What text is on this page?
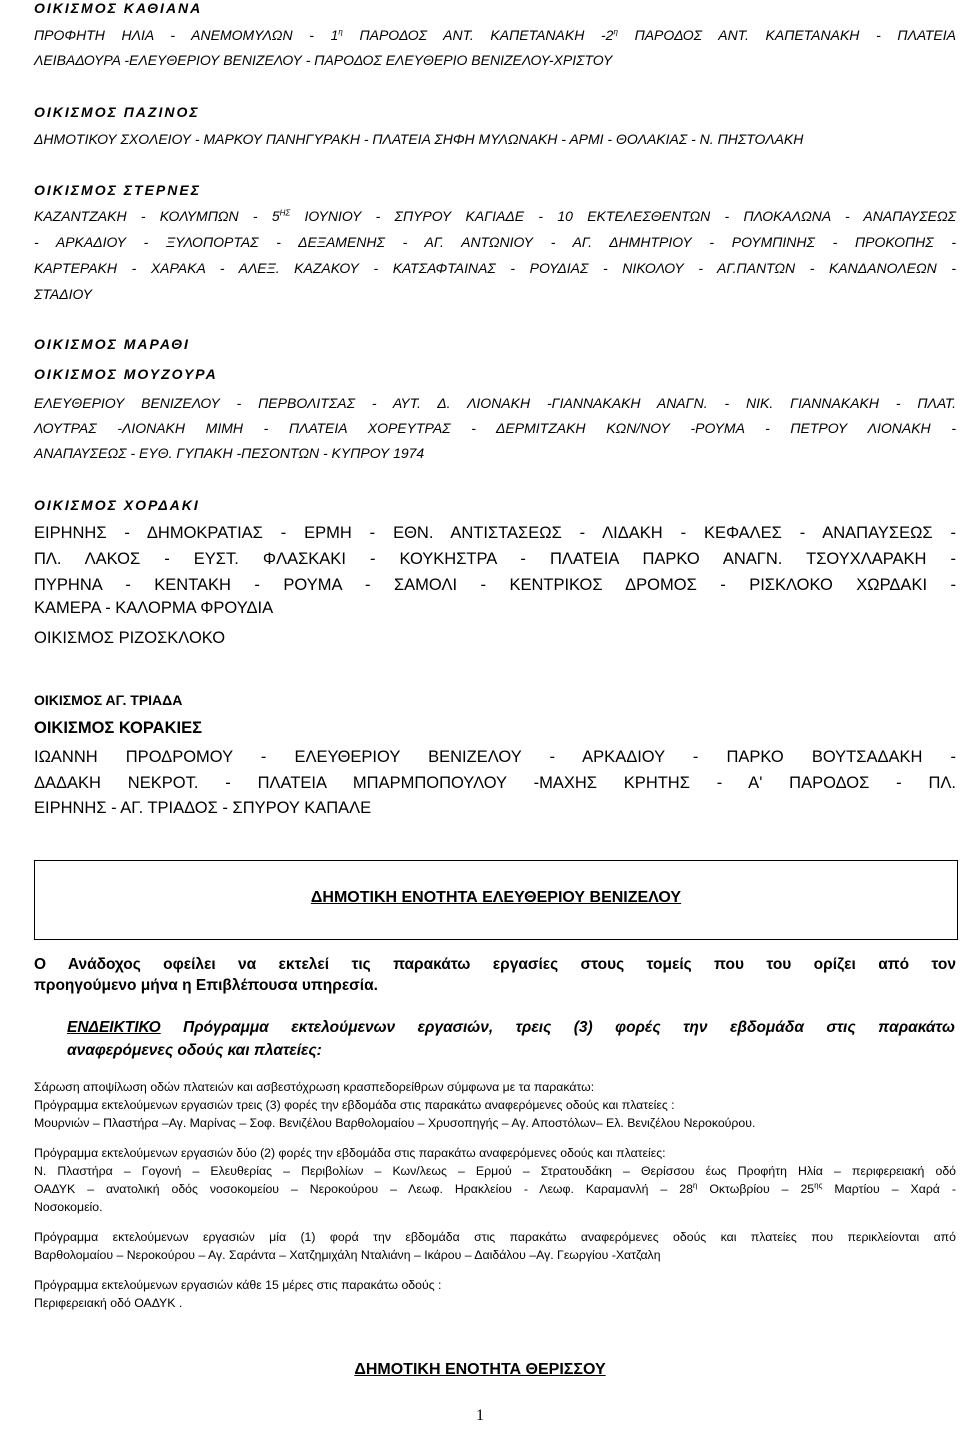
ΟΙΚΙΣΜΟΣ ΚΑΘΙΑΝΑ
ΠΡΟΦΗΤΗ ΗΛΙΑ - ΑΝΕΜΟΜΥΛΩΝ - $1^\eta$ ΠΑΡΟΔΟΣ ΑΝΤ. ΚΑΠΕΤΑΝΑΚΗ $-2^\eta$ ΠΑΡΟΔΟΣ ΑΝΤ. ΚΑΠΕΤΑΝΑΚΗ - ΠΛΑΤΕΙΑ
ΛΕΙΒΑΔΟΥΡΑ -ΕΛΕΥΘΕΡΙΟΥ ΒΕΝΙΖΕΛΟΥ - ΠΑΡΟΔΟΣ ΕΛΕΥΘΕΡΙΟ ΒΕΝΙΖΕΛΟΥ-ΧΡΙΣΤΟΥ
ΟΙΚΙΣΜΟΣ ΠΑΖΙΝΟΣ
ΔΗΜΟΤΙΚΟΥ ΣΧΟΛΕΙΟΥ - ΜΑΡΚΟΥ ΠΑΝΗΓΥΡΑΚΗ - ΠΛΑΤΕΙΑ ΣΗΦΗ ΜΥΛΩΝΑΚΗ - ΑΡΜΙ - ΘΟΛΑΚΙΑΣ - Ν. ΠΗΣΤΟΛΑΚΗ
ΟΙΚΙΣΜΟΣ ΣΤΕΡΝΕΣ
ΚΑΖΑΝΤΖΑΚΗ - ΚΟΛΥΜΠΩΝ - $5^{H\Sigma}$ ΙΟΥΝΙΟΥ - ΣΠΥΡΟΥ ΚΑΓΙΑΔΕ - 10 ΕΚΤΕΛΕΣΘΕΝΤΩΝ - ΠΛΟΚΑΛΩΝΑ - ΑΝΑΠΑΥΣΕΩΣ
- ΑΡΚΑΔΙΟΥ - ΞΥΛΟΠΟΡΤΑΣ - ΔΕΞΑΜΕΝΗΣ - ΑΓ. ΑΝΤΩΝΙΟΥ - ΑΓ. ΔΗΜΗΤΡΙΟΥ - ΡΟΥΜΠΙΝΗΣ - ΠΡΟΚΟΠΗΣ -
ΚΑΡΤΕΡΑΚΗ - ΧΑΡΑΚΑ - ΑΛΕΞ. ΚΑΖΑΚΟΥ - ΚΑΤΣΑΦΤΑΙΝΑΣ - ΡΟΥΔΙΑΣ - ΝΙΚΟΛΟΥ - ΑΓ.ΠΑΝΤΩΝ - ΚΑΝΔΑΝΟΛΕΩΝ -
ΣΤΑΔΙΟΥ
ΟΙΚΙΣΜΟΣ ΜΑΡΑΘΙ
ΟΙΚΙΣΜΟΣ ΜΟΥΖΟΥΡΑ
ΕΛΕΥΘΕΡΙΟΥ ΒΕΝΙΖΕΛΟΥ - ΠΕΡΒΟΛΙΤΣΑΣ - ΑΥΤ. Δ. ΛΙΟΝΑΚΗ -ΓΙΑΝΝΑΚΑΚΗ ΑΝΑΓΝ. - ΝΙΚ. ΓΙΑΝΝΑΚΑΚΗ - ΠΛΑΤ.
ΛΟΥΤΡΑΣ -ΛΙΟΝΑΚΗ ΜΙΜΗ - ΠΛΑΤΕΙΑ ΧΟΡΕΥΤΡΑΣ - ΔΕΡΜΙΤΖΑΚΗ ΚΩΝ/ΝΟΥ -ΡΟΥΜΑ - ΠΕΤΡΟΥ ΛΙΟΝΑΚΗ -
ΑΝΑΠΑΥΣΕΩΣ - ΕΥΘ. ΓΥΠΑΚΗ -ΠΕΣΟΝΤΩΝ - ΚΥΠΡΟΥ 1974
ΟΙΚΙΣΜΟΣ ΧΟΡΔΑΚΙ
ΕΙΡΗΝΗΣ - ΔΗΜΟΚΡΑΤΙΑΣ - ΕΡΜΗ - ΕΘΝ. ΑΝΤΙΣΤΑΣΕΩΣ - ΛΙΔΑΚΗ - ΚΕΦΑΛΕΣ - ΑΝΑΠΑΥΣΕΩΣ -
ΠΛ. ΛΑΚΟΣ - ΕΥΣΤ. ΦΛΑΣΚΑΚΙ - ΚΟΥΚΗΣΤΡΑ - ΠΛΑΤΕΙΑ ΠΑΡΚΟ ΑΝΑΓΝ. ΤΣΟΥΧΛΑΡΑΚΗ -
ΠΥΡΗΝΑ - ΚΕΝΤΑΚΗ - ΡΟΥΜΑ - ΣΑΜΟΛΙ - ΚΕΝΤΡΙΚΟΣ ΔΡΟΜΟΣ - ΡΙΣΚΛΟΚΟ ΧΩΡΔΑΚΙ -
ΚΑΜΕΡΑ - ΚΑΛΟΡΜΑ ΦΡΟΥΔΙΑ
ΟΙΚΙΣΜΟΣ ΡΙΖΟΣΚΛΟΚΟ
ΟΙΚΙΣΜΟΣ ΑΓ. ΤΡΙΑΔΑ
ΟΙΚΙΣΜΟΣ ΚΟΡΑΚΙΕΣ
ΙΩΑΝΝΗ ΠΡΟΔΡΟΜΟΥ - ΕΛΕΥΘΕΡΙΟΥ ΒΕΝΙΖΕΛΟΥ - ΑΡΚΑΔΙΟΥ - ΠΑΡΚΟ ΒΟΥΤΣΑΔΑΚΗ -
ΔΑΔΑΚΗ ΝΕΚΡΟΤ. - ΠΛΑΤΕΙΑ ΜΠΑΡΜΠΟΠΟΥΛΟΥ -ΜΑΧΗΣ ΚΡΗΤΗΣ - Α' ΠΑΡΟΔΟΣ - ΠΛ.
ΕΙΡΗΝΗΣ - ΑΓ. ΤΡΙΑΔΟΣ - ΣΠΥΡΟΥ ΚΑΠΑΛΕ
ΔΗΜΟΤΙΚΗ ΕΝΟΤΗΤΑ ΕΛΕΥΘΕΡΙΟΥ ΒΕΝΙΖΕΛΟΥ
Ο Ανάδοχος οφείλει να εκτελεί τις παρακάτω εργασίες στους τομείς που του ορίζει από τον
προηγούμενο μήνα η Επιβλέπουσα υπηρεσία.
ΕΝΔΕΙΚΤΙΚΟ Πρόγραμμα εκτελούμενων εργασιών, τρεις (3) φορές την εβδομάδα στις παρακάτω
αναφερόμενες οδούς και πλατείες:
Σάρωση αποψίλωση οδών πλατειών και ασβεστόχρωση κρασπεδορείθρων σύμφωνα με τα παρακάτω:
Πρόγραμμα εκτελούμενων εργασιών τρεις (3) φορές την εβδομάδα στις παρακάτω αναφερόμενες οδούς και πλατείες :
Μουρνιών – Πλαστήρα –Αγ. Μαρίνας – Σοφ. Βενιζέλου Βαρθολομαίου – Χρυσοπηγής – Αγ. Αποστόλων– Ελ. Βενιζέλου Νεροκούρου.
Πρόγραμμα εκτελούμενων εργασιών δύο (2) φορές την εβδομάδα στις παρακάτω αναφερόμενες οδούς και πλατείες:
Ν. Πλαστήρα – Γογονή – Ελευθερίας – Περιβολίων – Κων/λεως – Ερμού – Στρατουδάκη – Θερίσσου έως Προφήτη Ηλία – περιφερειακή οδό
ΟΑΔΥΚ – ανατολική οδός νοσοκομείου – Νεροκούρου – Λεωφ. Ηρακλείου - Λεωφ. Καραμανλή – $28^\eta$ Οκτωβρίου – $25^{\eta\varsigma}$ Μαρτίου – Χαρά -
Νοσοκομείο.
Πρόγραμμα εκτελούμενων εργασιών μία (1) φορά την εβδομάδα στις παρακάτω αναφερόμενες οδούς και πλατείες που περικλείονται από
Βαρθολομαίου – Νεροκούρου – Αγ. Σαράντα – Χατζημιχάλη Νταλιάνη – Ικάρου – Δαιδάλου –Αγ. Γεωργίου -Χατζαλη
Πρόγραμμα εκτελούμενων εργασιών κάθε 15 μέρες στις παρακάτω οδούς :
Περιφερειακή οδό ΟΑΔΥΚ .
ΔΗΜΟΤΙΚΗ ΕΝΟΤΗΤΑ ΘΕΡΙΣΣΟΥ
1
